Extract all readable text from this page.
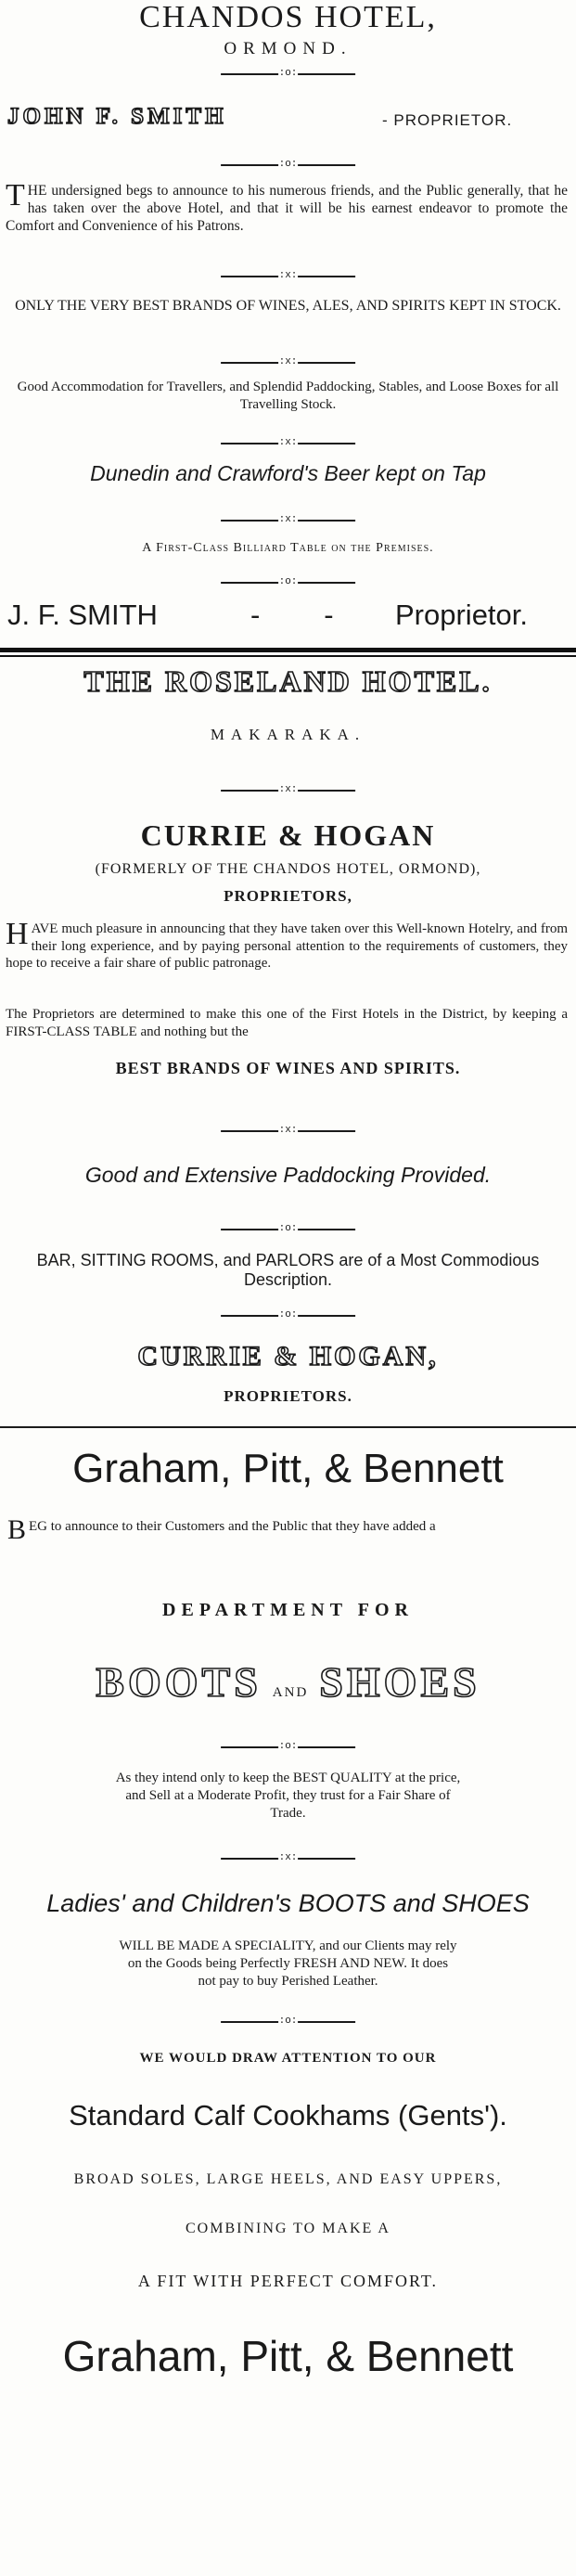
CHANDOS HOTEL,
ORMOND.
:o:
JOHN F. SMITH	- PROPRIETOR.
:o:
THE undersigned begs to announce to his numerous friends, and the Public generally, that he has taken over the above Hotel, and that it will be his earnest endeavor to promote the Comfort and Convenience of his Patrons.
:x:
ONLY THE VERY BEST BRANDS OF WINES, ALES, AND SPIRITS KEPT IN STOCK.
:x:
Good Accommodation for Travellers, and Splendid Paddocking, Stables, and Loose Boxes for all Travelling Stock.
:x:
Dunedin and Crawford's Beer kept on Tap
:x:
A First-Class Billiard Table on the Premises.
:o:
J. F. SMITH	-        - Proprietor.
THE ROSELAND HOTEL.
MAKARAKA.
:x:
CURRIE & HOGAN
(FORMERLY OF THE CHANDOS HOTEL, ORMOND),
PROPRIETORS,
HAVE much pleasure in announcing that they have taken over this Well-known Hotelry, and from their long experience, and by paying personal attention to the requirements of customers, they hope to receive a fair share of public patronage.
The Proprietors are determined to make this one of the First Hotels in the District, by keeping a FIRST-CLASS TABLE and nothing but the
BEST BRANDS OF WINES AND SPIRITS.
:x:
Good and Extensive Paddocking Provided.
:o:
BAR, SITTING ROOMS, and PARLORS are of a Most Commodious Description.
:o:
CURRIE & HOGAN,
PROPRIETORS.
Graham, Pitt, & Bennett
BEG to announce to their Customers and the Public that they have added a
DEPARTMENT FOR
BOOTS AND SHOES
:o:
As they intend only to keep the BEST QUALITY at the price, and Sell at a Moderate Profit, they trust for a Fair Share of Trade.
:x:
Ladies' and Children's BOOTS and SHOES
WILL BE MADE A SPECIALITY, and our Clients may rely on the Goods being Perfectly FRESH AND NEW. It does not pay to buy Perished Leather.
:o:
WE WOULD DRAW ATTENTION TO OUR
Standard Calf Cookhams (Gents').
BROAD SOLES, LARGE HEELS, AND EASY UPPERS,
COMBINING TO MAKE A
A FIT WITH PERFECT COMFORT.
Graham, Pitt, & Bennett
